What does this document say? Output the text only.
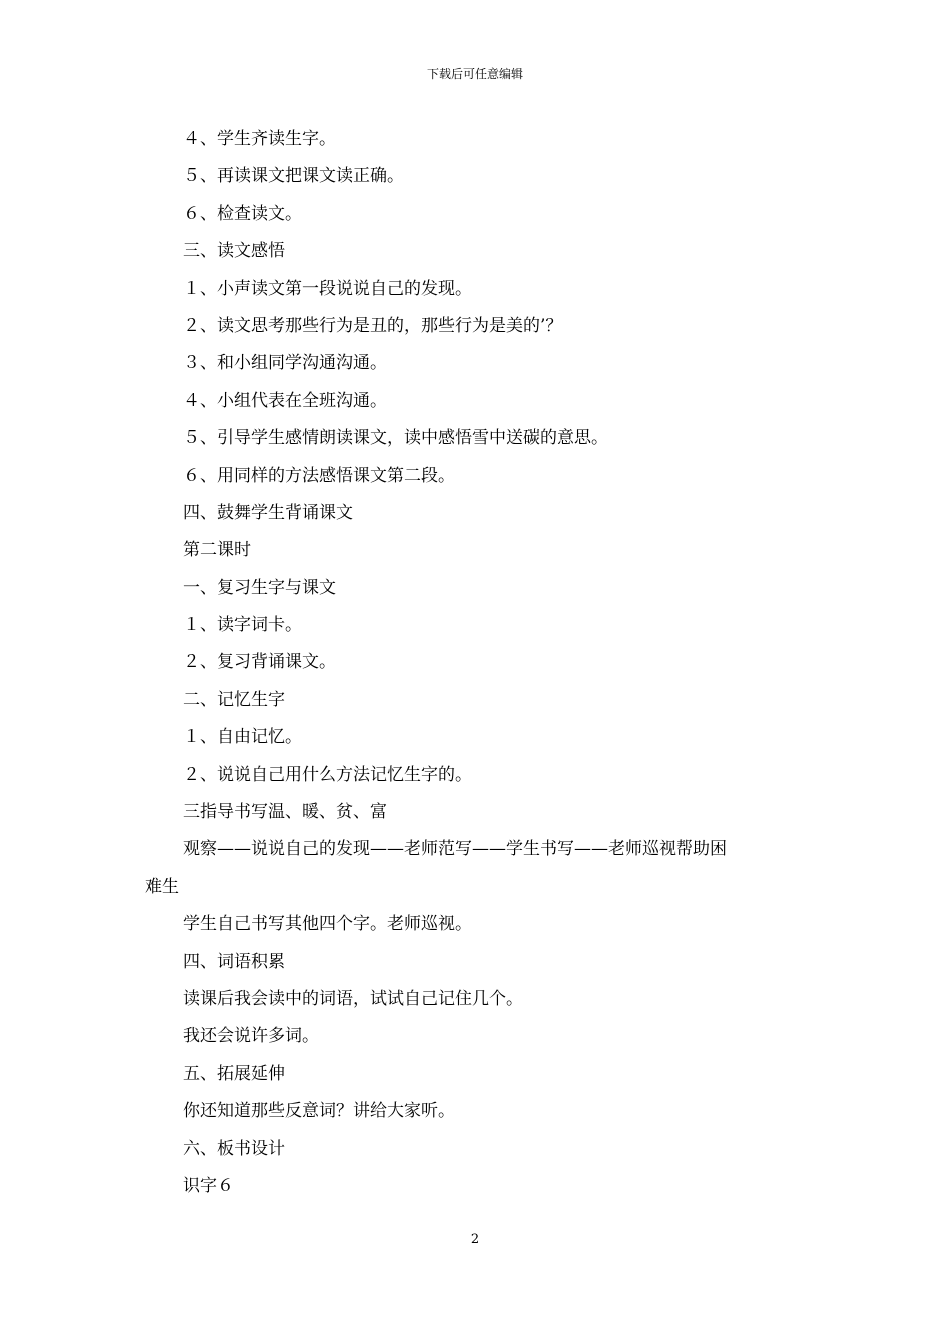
下载后可任意编辑
４、学生齐读生字。
５、再读课文把课文读正确。
６、检查读文。
三、读文感悟
１、小声读文第一段说说自己的发现。
２、读文思考那些行为是丑的，那些行为是美的’？
３、和小组同学沟通沟通。
４、小组代表在全班沟通。
５、引导学生感情朗读课文，读中感悟雪中送碳的意思。
６、用同样的方法感悟课文第二段。
四、鼓舞学生背诵课文
第二课时
一、复习生字与课文
１、读字词卡。
２、复习背诵课文。
二、记忆生字
１、自由记忆。
２、说说自己用什么方法记忆生字的。
三指导书写温、暖、贫、富
观察——说说自己的发现——老师范写——学生书写——老师巡视帮助困
难生
学生自己书写其他四个字。老师巡视。
四、词语积累
读课后我会读中的词语，试试自己记住几个。
我还会说许多词。
五、拓展延伸
你还知道那些反意词？讲给大家听。
六、板书设计
识字６
2
